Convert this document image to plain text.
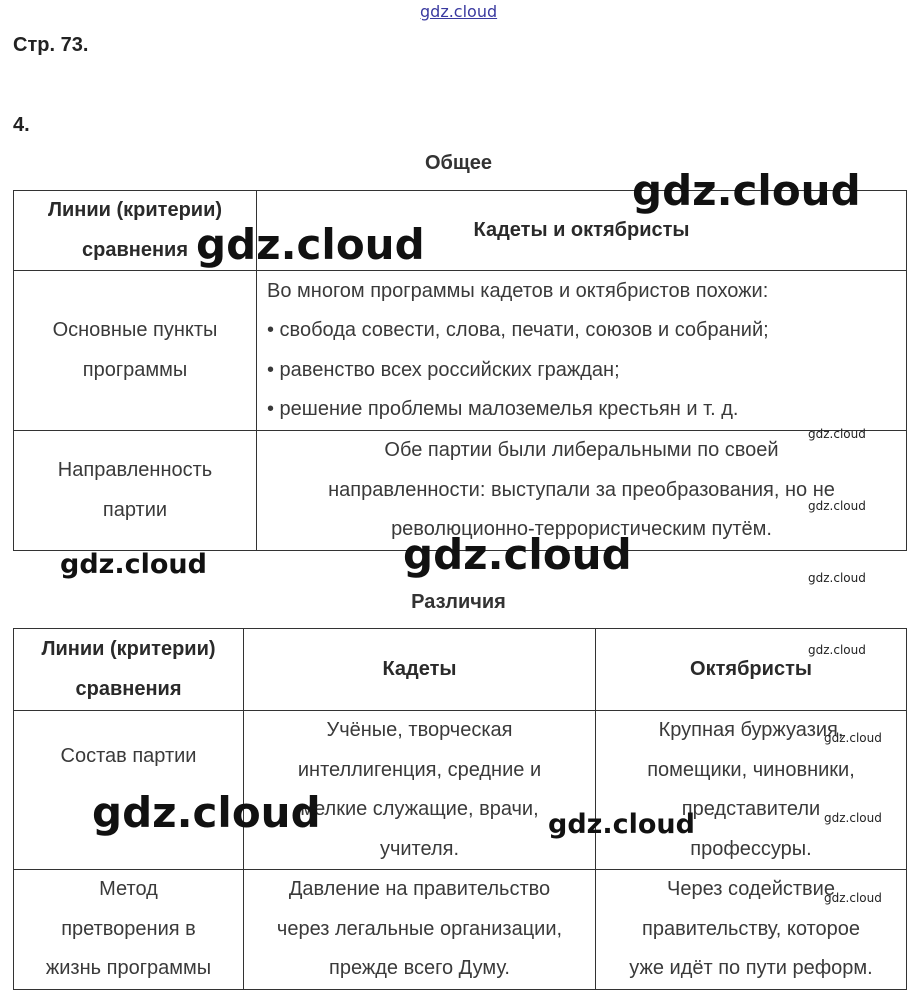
gdz.cloud
Стр. 73.
4.
Общее
Линии (критерии)
сравнения	Кадеты и октябристы

Основные пункты
программы	Во многом программы кадетов и октябристов похожи:
• свобода совести, слова, печати, союзов и собраний;
• равенство всех российских граждан;
• решение проблемы малоземелья крестьян и т. д.

Направленность
партии	Обе партии были либеральными по своей
направленности: выступали за преобразования, но не
революционно-террористическим путём.
Различия
Линии (критерии)
сравнения	Кадеты	Октябристы

Состав партии	Учёные, творческая
интеллигенция, средние и
мелкие служащие, врачи,
учителя.	Крупная буржуазия,
помещики, чиновники,
представители
профессуры.

Метод
претворения в
жизнь программы	Давление на правительство
через легальные организации,
прежде всего Думу.	Через содействие
правительству, которое
уже идёт по пути реформ.
gdz.cloud
gdz.cloud
gdz.cloud
gdz.cloud
gdz.cloud
gdz.cloud
gdz.cloud
gdz.cloud
gdz.cloud
gdz.cloud
gdz.cloud
gdz.cloud
gdz.cloud
